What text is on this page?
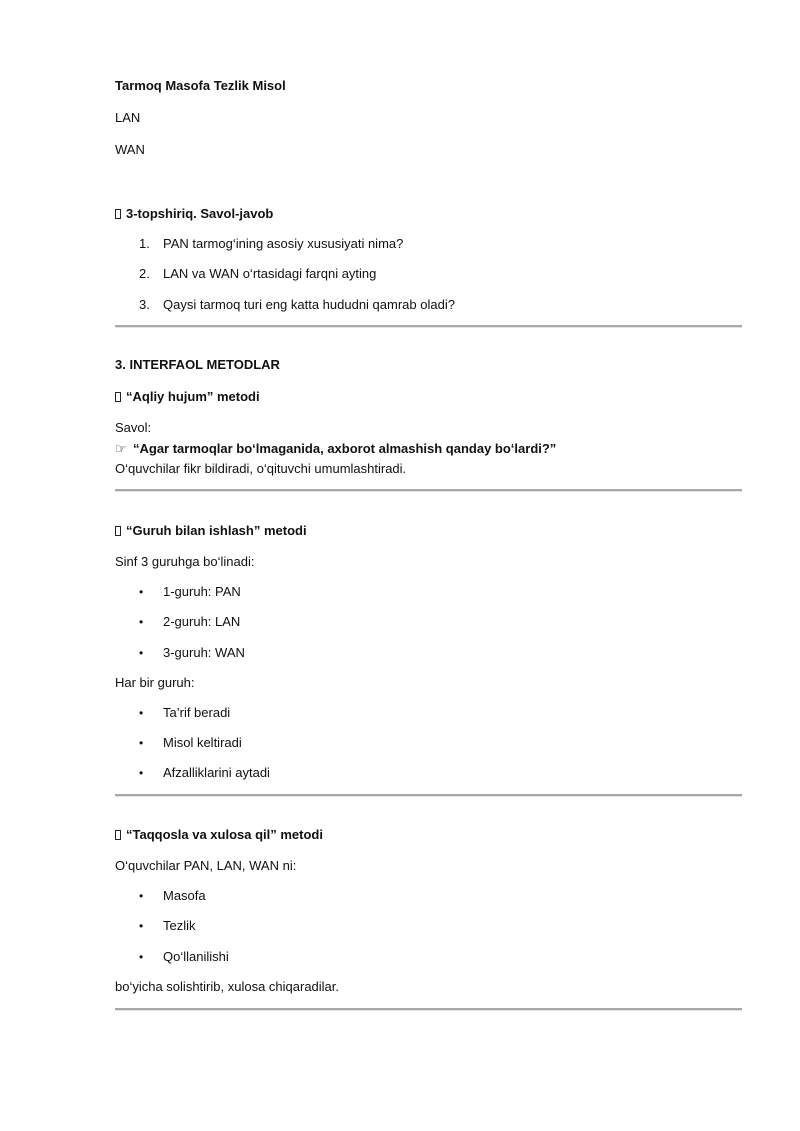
Tarmoq Masofa Tezlik Misol
LAN
WAN
3-topshiriq. Savol-javob
1.	PAN tarmog‘ining asosiy xususiyati nima?
2.	LAN va WAN o‘rtasidagi farqni ayting
3.	Qaysi tarmoq turi eng katta hududni qamrab oladi?
3. INTERFAOL METODLAR
“Aqliy hujum” metodi
Savol:
☞ “Agar tarmoqlar bo‘lmaganida, axborot almashish qanday bo‘lardi?”
O‘quvchilar fikr bildiradi, o‘qituvchi umumlashtiradi.
“Guruh bilan ishlash” metodi
Sinf 3 guruhga bo‘linadi:
• 1-guruh: PAN
• 2-guruh: LAN
• 3-guruh: WAN
Har bir guruh:
• Ta’rif beradi
• Misol keltiradi
• Afzalliklarini aytadi
“Taqqosla va xulosa qil” metodi
O‘quvchilar PAN, LAN, WAN ni:
• Masofa
• Tezlik
• Qo‘llanilishi
bo‘yicha solishtirib, xulosa chiqaradilar.
